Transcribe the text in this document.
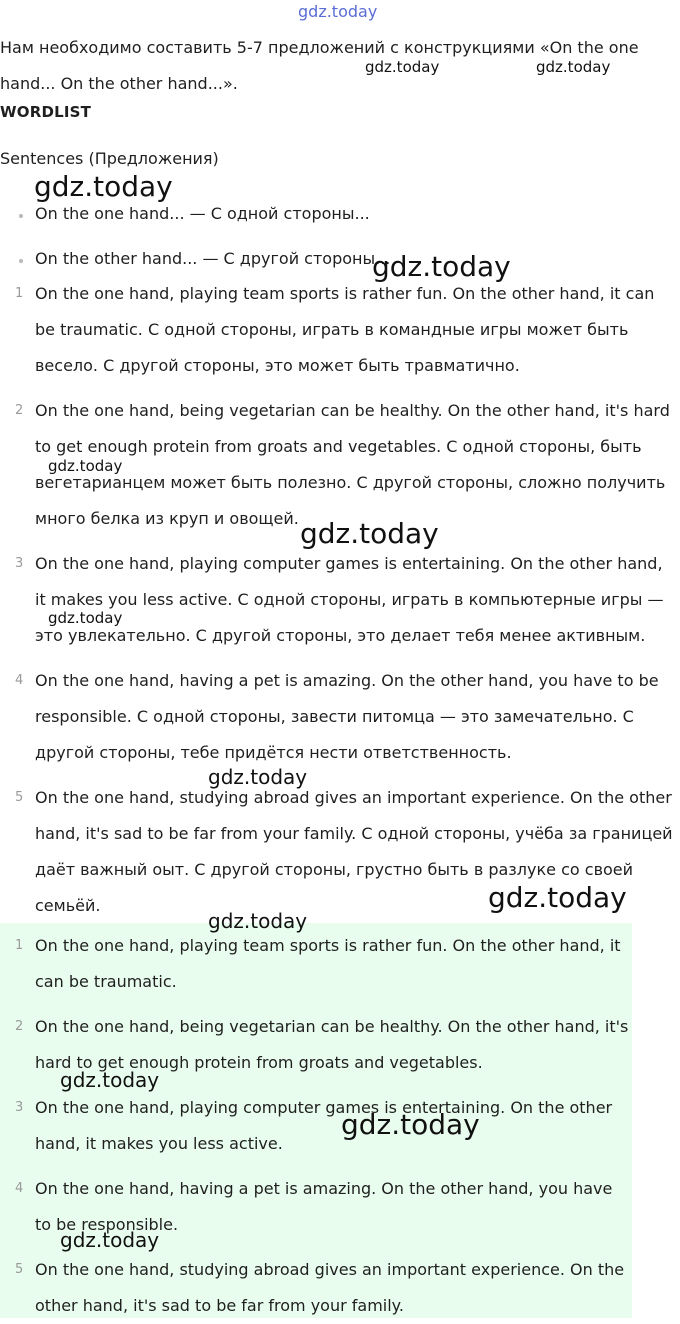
Нам необходимо составить 5-7 предложений с конструкциями «On the one hand... On the other hand...».

WORDLIST

Sentences (Предложения)

On the one hand... — С одной стороны...
On the other hand... — С другой стороны...
1 On the one hand, playing team sports is rather fun. On the other hand, it can be traumatic. С одной стороны, играть в командные игры может быть весело. С другой стороны, это может быть травматично.
2 On the one hand, being vegetarian can be healthy. On the other hand, it's hard to get enough protein from groats and vegetables. С одной стороны, быть вегетарианцем может быть полезно. С другой стороны, сложно получить много белка из круп и овощей.
3 On the one hand, playing computer games is entertaining. On the other hand, it makes you less active. С одной стороны, играть в компьютерные игры — это увлекательно. С другой стороны, это делает тебя менее активным.
4 On the one hand, having a pet is amazing. On the other hand, you have to be responsible. С одной стороны, завести питомца — это замечательно. С другой стороны, тебе придётся нести ответственность.
5 On the one hand, studying abroad gives an important experience. On the other hand, it's sad to be far from your family. С одной стороны, учёба за границей даёт важный оыт. С другой стороны, грустно быть в разлуке со своей семьёй.
1 On the one hand, playing team sports is rather fun. On the other hand, it can be traumatic.
2 On the one hand, being vegetarian can be healthy. On the other hand, it's hard to get enough protein from groats and vegetables.
3 On the one hand, playing computer games is entertaining. On the other hand, it makes you less active.
4 On the one hand, having a pet is amazing. On the other hand, you have to be responsible.
5 On the one hand, studying abroad gives an important experience. On the other hand, it's sad to be far from your family.
gdz.today
gdz.today	gdz.today
gdz.today
gdz.today
gdz.today
gdz.today
gdz.today
gdz.today
gdz.today
gdz.today
gdz.today
gdz.today
gdz.today
